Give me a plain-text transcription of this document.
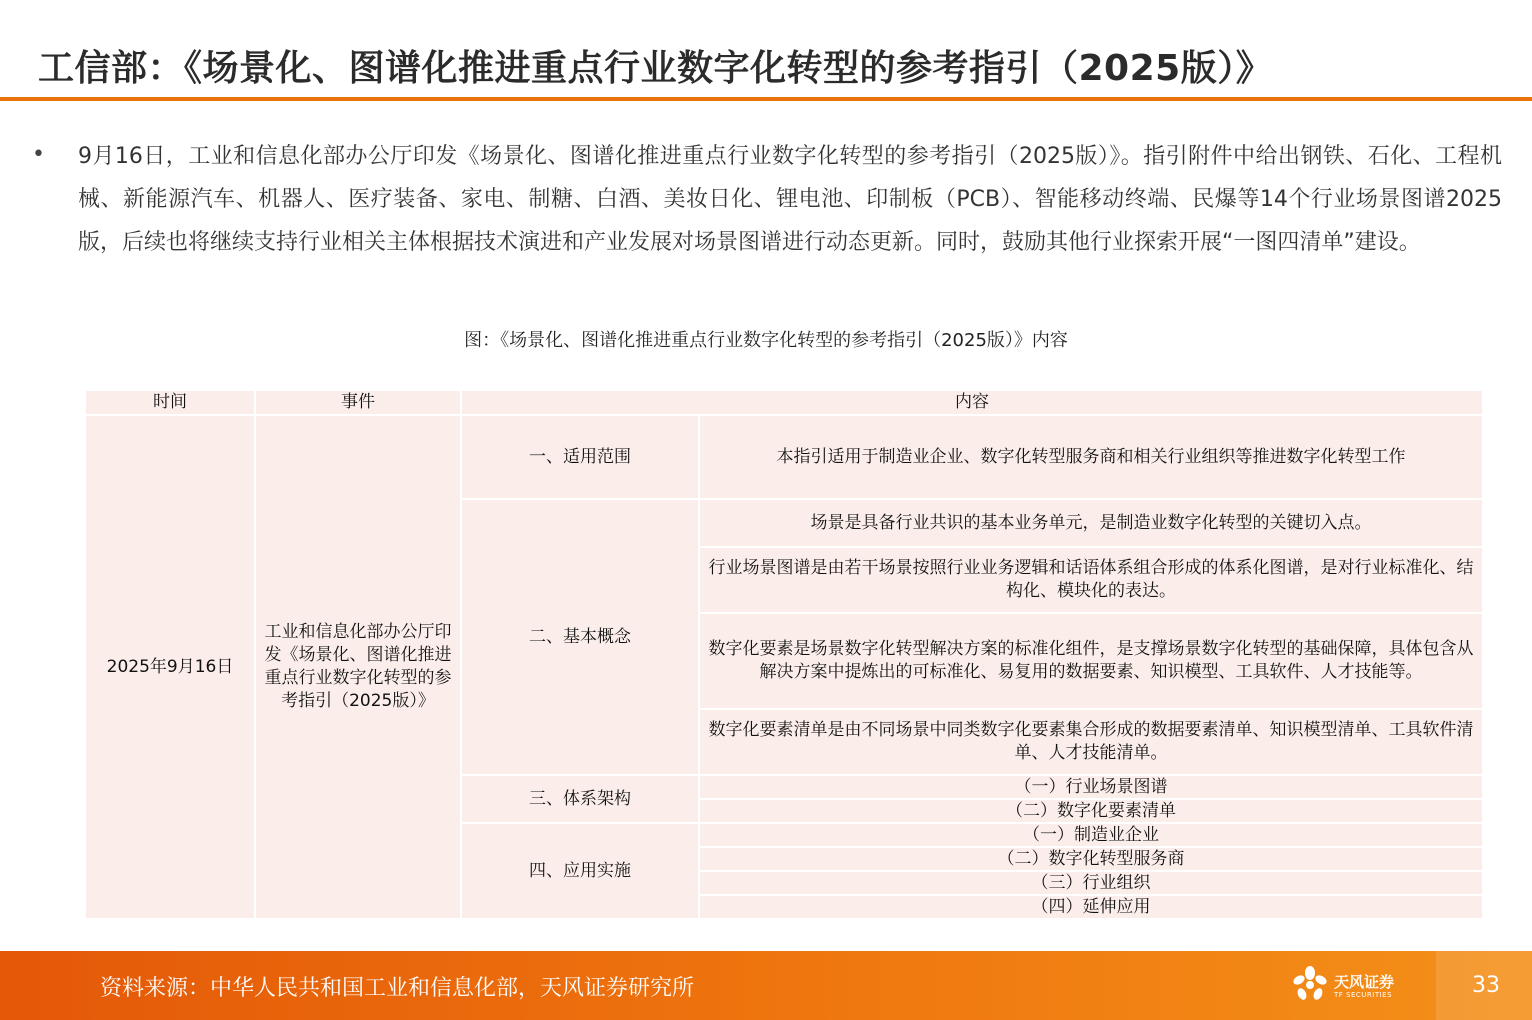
工信部：《场景化、图谱化推进重点行业数字化转型的参考指引（2025版）》
• 9月16日，工业和信息化部办公厅印发《场景化、图谱化推进重点行业数字化转型的参考指引（2025版）》。指引附件中给出钢铁、石化、工程机械、新能源汽车、机器人、医疗装备、家电、制糖、白酒、美妆日化、锂电池、印制板（PCB）、智能移动终端、民爆等14个行业场景图谱2025版，后续也将继续支持行业相关主体根据技术演进和产业发展对场景图谱进行动态更新。同时，鼓励其他行业探索开展“一图四清单”建设。
图：《场景化、图谱化推进重点行业数字化转型的参考指引（2025版）》内容
时间	事件	内容	
2025年9月16日	工业和信息化部办公厅印发《场景化、图谱化推进重点行业数字化转型的参考指引（2025版）》	一、适用范围	本指引适用于制造业企业、数字化转型服务商和相关行业组织等推进数字化转型工作
		二、基本概念	场景是具备行业共识的基本业务单元，是制造业数字化转型的关键切入点。
			行业场景图谱是由若干场景按照行业业务逻辑和话语体系组合形成的体系化图谱，是对行业标准化、结构化、模块化的表达。
			数字化要素是场景数字化转型解决方案的标准化组件，是支撑场景数字化转型的基础保障，具体包含从解决方案中提炼出的可标准化、易复用的数据要素、知识模型、工具软件、人才技能等。
			数字化要素清单是由不同场景中同类数字化要素集合形成的数据要素清单、知识模型清单、工具软件清单、人才技能清单。
		三、体系架构	（一）行业场景图谱
			（二）数字化要素清单
		四、应用实施	（一）制造业企业
			（二）数字化转型服务商
			（三）行业组织
			（四）延伸应用
资料来源：中华人民共和国工业和信息化部，天风证券研究所	天风证券
TF SECURITIES	33
